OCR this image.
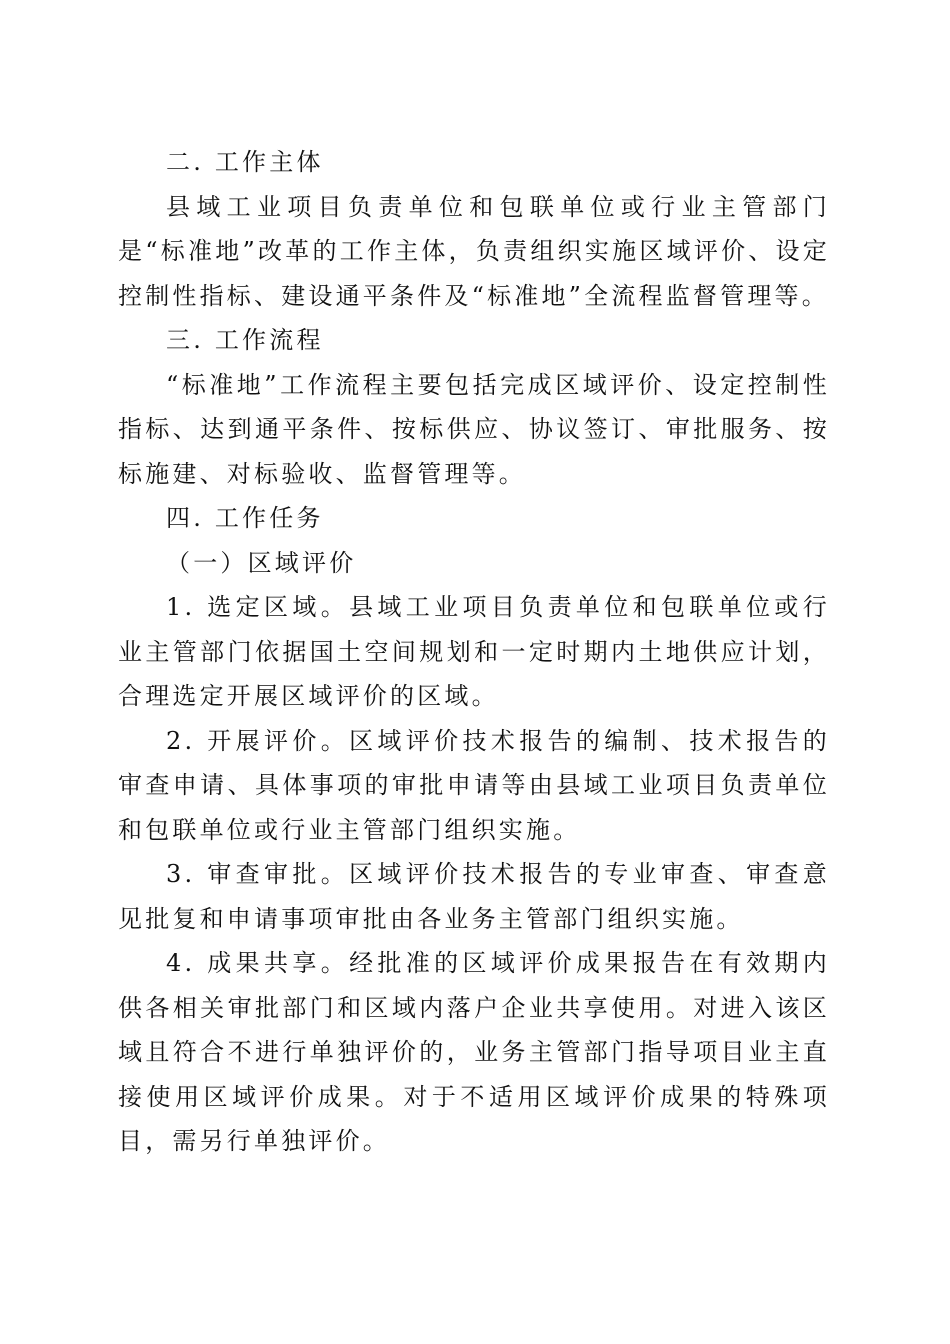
二. 工作主体

县域工业项目负责单位和包联单位或行业主管部门是“标准地”改革的工作主体，负责组织实施区域评价、设定控制性指标、建设通平条件及“标准地”全流程监督管理等。

三. 工作流程

“标准地”工作流程主要包括完成区域评价、设定控制性指标、达到通平条件、按标供应、协议签订、审批服务、按标施建、对标验收、监督管理等。

四. 工作任务
（一）区域评价

1. 选定区域。县域工业项目负责单位和包联单位或行业主管部门依据国土空间规划和一定时期内土地供应计划，合理选定开展区域评价的区域。

2. 开展评价。区域评价技术报告的编制、技术报告的审查申请、具体事项的审批申请等由县域工业项目负责单位和包联单位或行业主管部门组织实施。

3. 审查审批。区域评价技术报告的专业审查、审查意见批复和申请事项审批由各业务主管部门组织实施。

4. 成果共享。经批准的区域评价成果报告在有效期内供各相关审批部门和区域内落户企业共享使用。对进入该区域且符合不进行单独评价的，业务主管部门指导项目业主直接使用区域评价成果。对于不适用区域评价成果的特殊项目，需另行单独评价。
